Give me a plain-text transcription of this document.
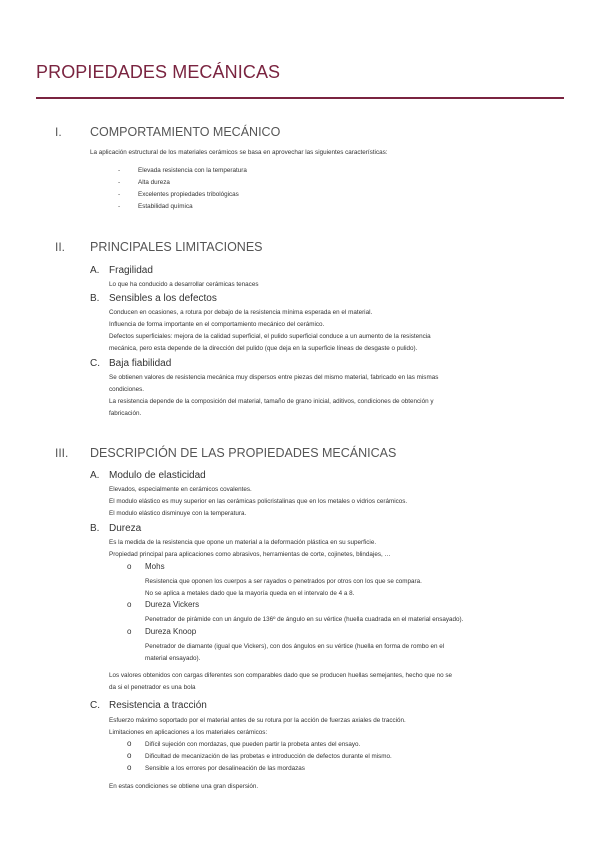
PROPIEDADES MECÁNICAS
I. COMPORTAMIENTO MECÁNICO
La aplicación estructural de los materiales cerámicos se basa en aprovechar las siguientes características:
-	Elevada resistencia con la temperatura
-	Alta dureza
-	Excelentes propiedades tribológicas
-	Estabilidad química
II. PRINCIPALES LIMITACIONES
A. Fragilidad
Lo que ha conducido a desarrollar cerámicas tenaces
B. Sensibles a los defectos
Conducen en ocasiones, a rotura por debajo de la resistencia mínima esperada en el material.
Influencia de forma importante en el comportamiento mecánico del cerámico.
Defectos superficiales: mejora de la calidad superficial, el pulido superficial conduce a un aumento de la resistencia
mecánica, pero esta depende de la dirección del pulido (que deja en la superficie líneas de desgaste o pulido).
C. Baja fiabilidad
Se obtienen valores de resistencia mecánica muy dispersos entre piezas del mismo material, fabricado en las mismas
condiciones.
La resistencia depende de la composición del material, tamaño de grano inicial, aditivos, condiciones de obtención y
fabricación.
III. DESCRIPCIÓN DE LAS PROPIEDADES MECÁNICAS
A. Modulo de elasticidad
Elevados, especialmente en cerámicos covalentes.
El modulo elástico es muy superior en las cerámicas policristalinas que en los metales o vidrios cerámicos.
El modulo elástico disminuye con la temperatura.
B. Dureza
Es la medida de la resistencia que opone un material a la deformación plástica en su superficie.
Propiedad principal para aplicaciones como abrasivos, herramientas de corte, cojinetes, blindajes, …
o Mohs
Resistencia que oponen los cuerpos a ser rayados o penetrados por otros con los que se compara.
No se aplica a metales dado que la mayoría queda en el intervalo de 4 a 8.
o Dureza Vickers
Penetrador de pirámide con un ángulo de 136º de ángulo en su vértice (huella cuadrada en el material ensayado).
o Dureza Knoop
Penetrador de diamante (igual que Vickers), con dos ángulos en su vértice (huella en forma de rombo en el
material ensayado).
Los valores obtenidos con cargas diferentes son comparables dado que se producen huellas semejantes, hecho que no se
da si el penetrador es una bola
C. Resistencia a tracción
Esfuerzo máximo soportado por el material antes de su rotura por la acción de fuerzas axiales de tracción.
Limitaciones en aplicaciones a los materiales cerámicos:
o Difícil sujeción con mordazas, que pueden partir la probeta antes del ensayo.
o Dificultad de mecanización de las probetas e introducción de defectos durante el mismo.
o Sensible a los errores por desalineación de las mordazas
En estas condiciones se obtiene una gran dispersión.
